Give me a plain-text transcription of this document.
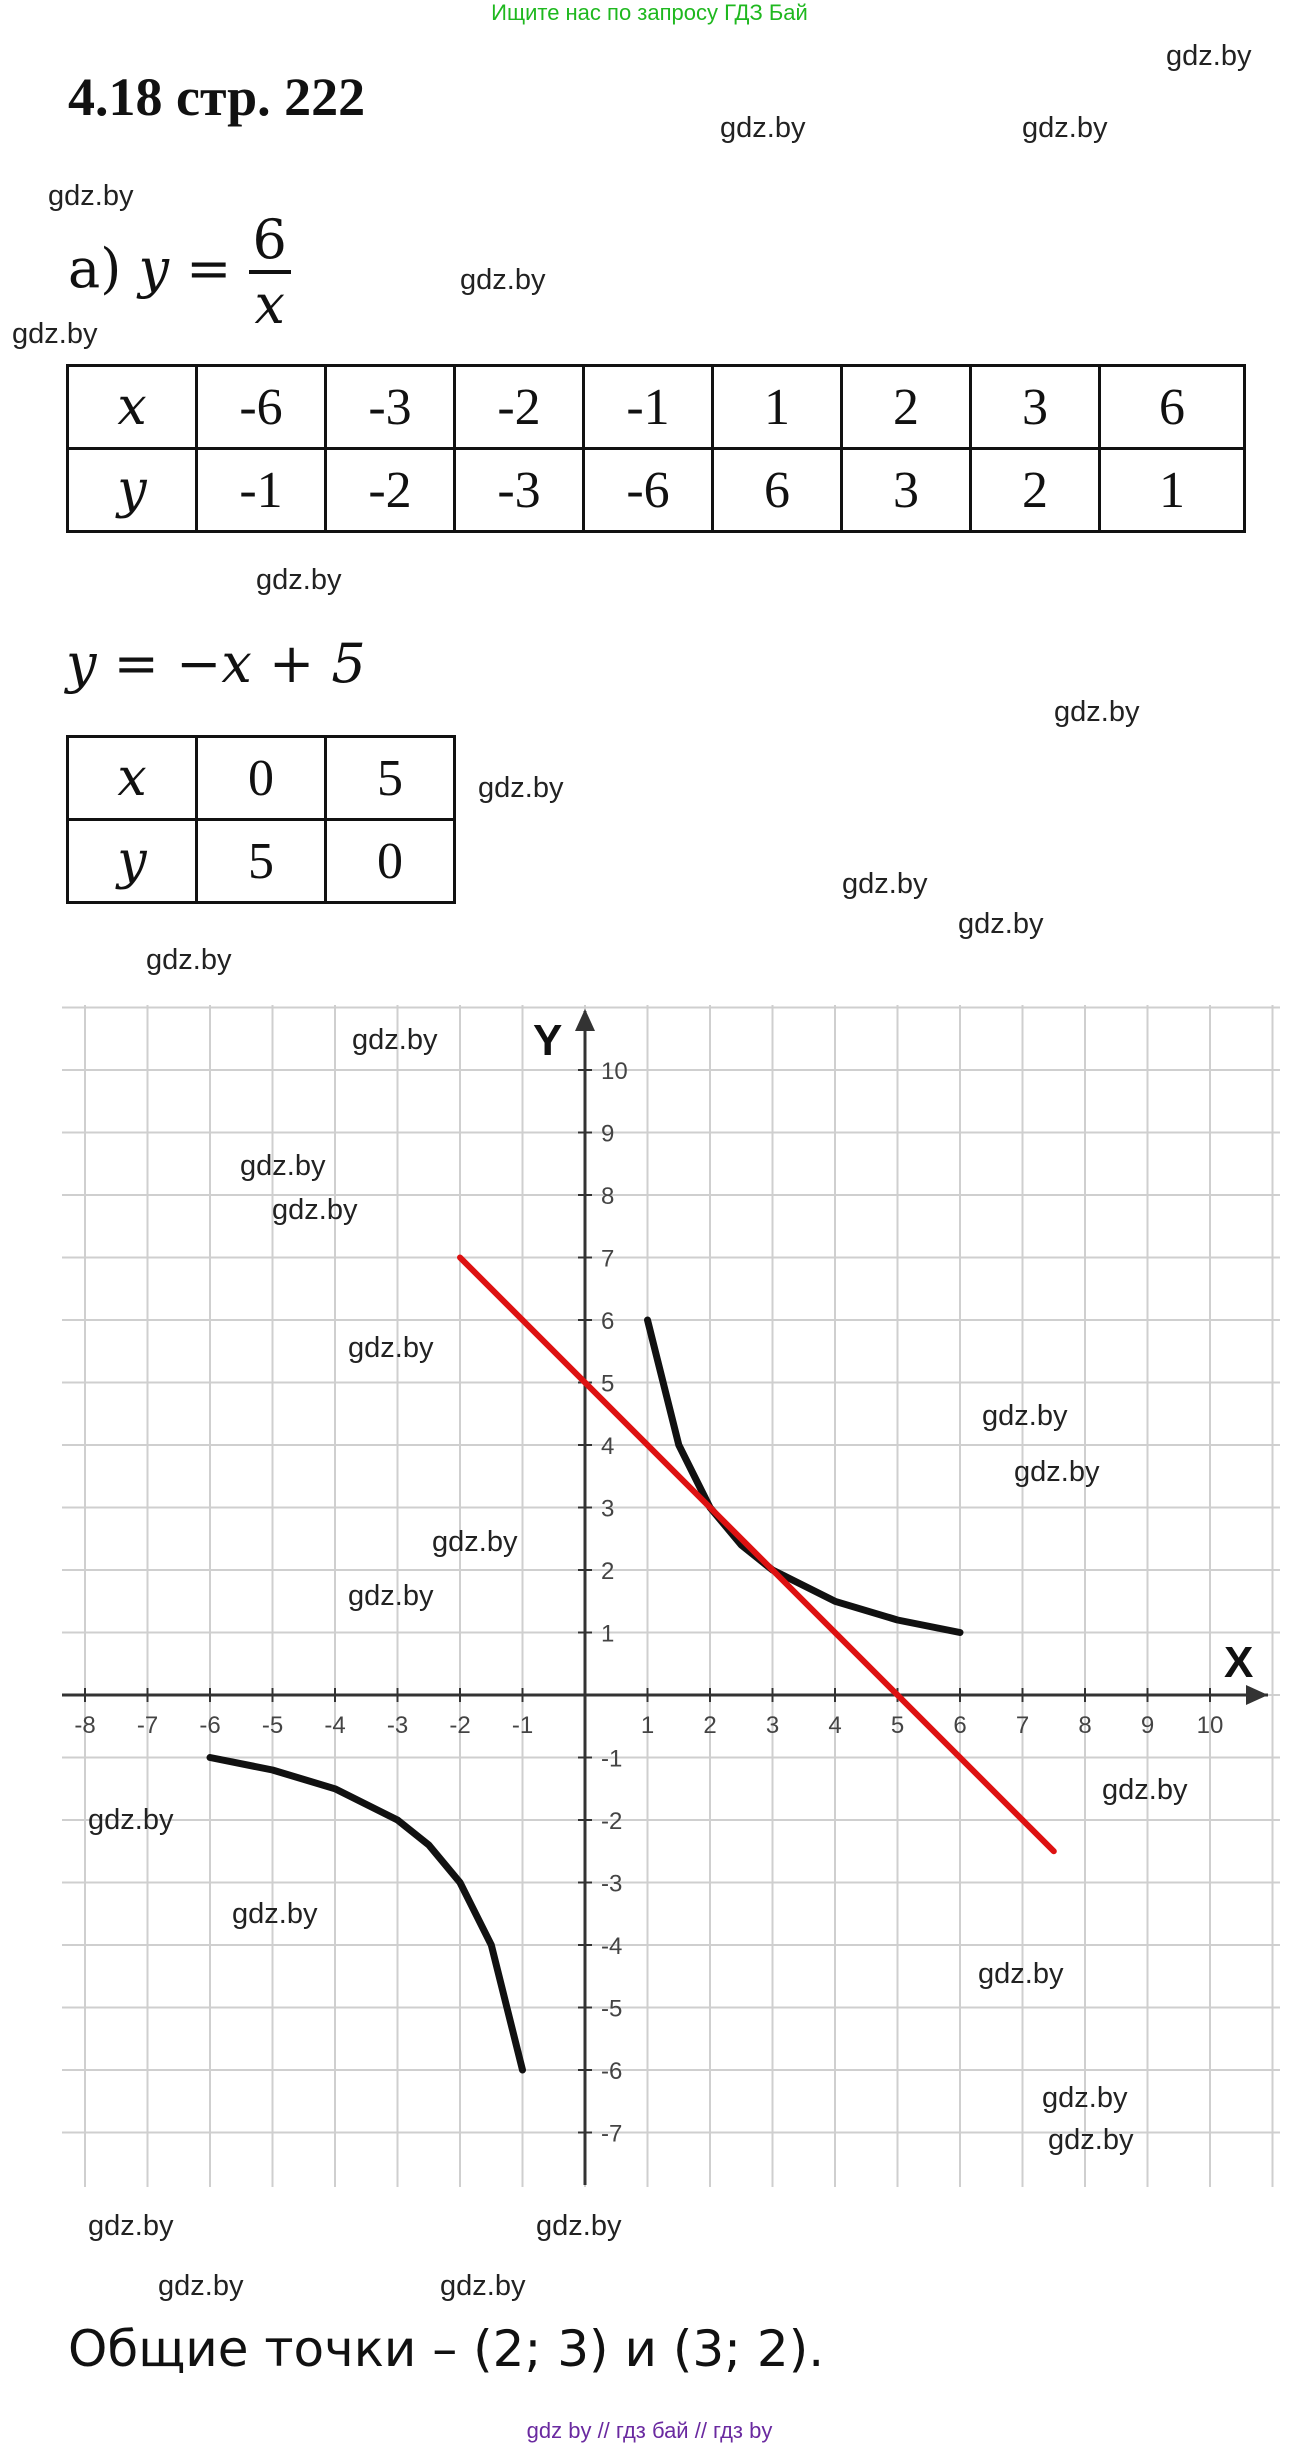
Ищите нас по запросу ГДЗ Бай
4.18 стр. 222
а) $y = \frac{6}{x}$
x	-6	-3	-2	-1	1	2	3	6
y	-1	-2	-3	-6	6	3	2	1
y = −x + 5
x	0	5
y	5	0
X
Y
-8 -7 -6 -5 -4 -3 -2 -1	1 2 3 4 5 6 7 8 9 10
10
9
8
7
6
5
4
3
2
1
-1
-2
-3
-4
-5
-6
-7
Общие точки – (2; 3) и (3; 2).
gdz by // гдз бай // гдз by
gdz.by
gdz.by	gdz.by
gdz.by
gdz.by
gdz.by
gdz.by
gdz.by
gdz.by
gdz.by
gdz.by
gdz.by
gdz.by
gdz.by
gdz.by
gdz.by
gdz.by
gdz.by
gdz.by
gdz.by
gdz.by
gdz.by
gdz.by
gdz.by
gdz.by
gdz.by
gdz.by	gdz.by
gdz.by	gdz.by
